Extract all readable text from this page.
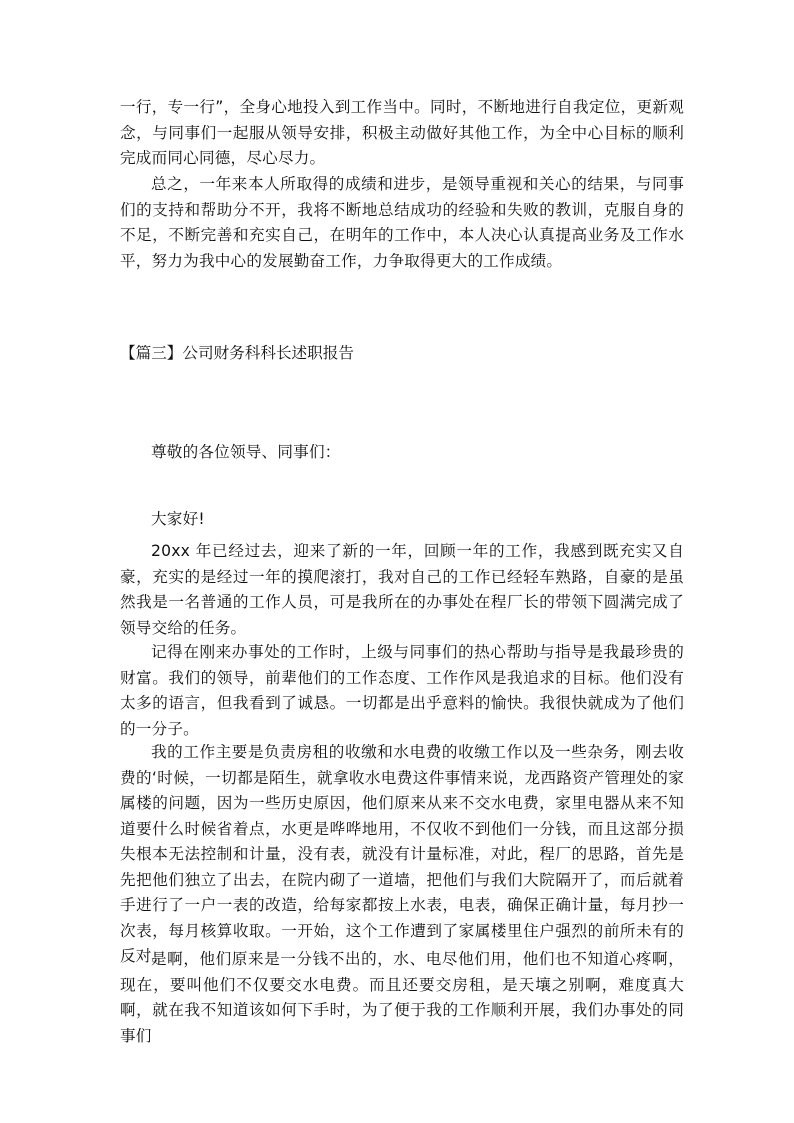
一行，专一行”，全身心地投入到工作当中。同时，不断地进行自我定位，更新观念，与同事们一起服从领导安排，积极主动做好其他工作，为全中心目标的顺利完成而同心同德，尽心尽力。

总之，一年来本人所取得的成绩和进步，是领导重视和关心的结果，与同事们的支持和帮助分不开，我将不断地总结成功的经验和失败的教训，克服自身的不足，不断完善和充实自己，在明年的工作中，本人决心认真提高业务及工作水平，努力为我中心的发展勤奋工作，力争取得更大的工作成绩。

【篇三】公司财务科科长述职报告

尊敬的各位领导、同事们：

大家好!

20xx 年已经过去，迎来了新的一年，回顾一年的工作，我感到既充实又自豪，充实的是经过一年的摸爬滚打，我对自己的工作已经轻车熟路，自豪的是虽然我是一名普通的工作人员，可是我所在的办事处在程厂长的带领下圆满完成了领导交给的任务。

记得在刚来办事处的工作时，上级与同事们的热心帮助与指导是我最珍贵的财富。我们的领导，前辈他们的工作态度、工作作风是我追求的目标。他们没有太多的语言，但我看到了诚恳。一切都是出乎意料的愉快。我很快就成为了他们的一分子。

我的工作主要是负责房租的收缴和水电费的收缴工作以及一些杂务，刚去收费的‘时候，一切都是陌生，就拿收水电费这件事情来说，龙西路资产管理处的家属楼的问题，因为一些历史原因，他们原来从来不交水电费，家里电器从来不知道要什么时候省着点，水更是哗哗地用，不仅收不到他们一分钱，而且这部分损失根本无法控制和计量，没有表，就没有计量标准，对此，程厂的思路，首先是先把他们独立了出去，在院内砌了一道墙，把他们与我们大院隔开了，而后就着手进行了一户一表的改造，给每家都按上水表，电表，确保正确计量，每月抄一次表，每月核算收取。一开始，这个工作遭到了家属楼里住户强烈的前所未有的反对。

是啊，他们原来是一分钱不出的，水、电尽他们用，他们也不知道心疼啊，现在，要叫他们不仅要交水电费。而且还要交房租，是天壤之别啊，难度真大啊，就在我不知道该如何下手时，为了便于我的工作顺利开展，我们办事处的同事们
